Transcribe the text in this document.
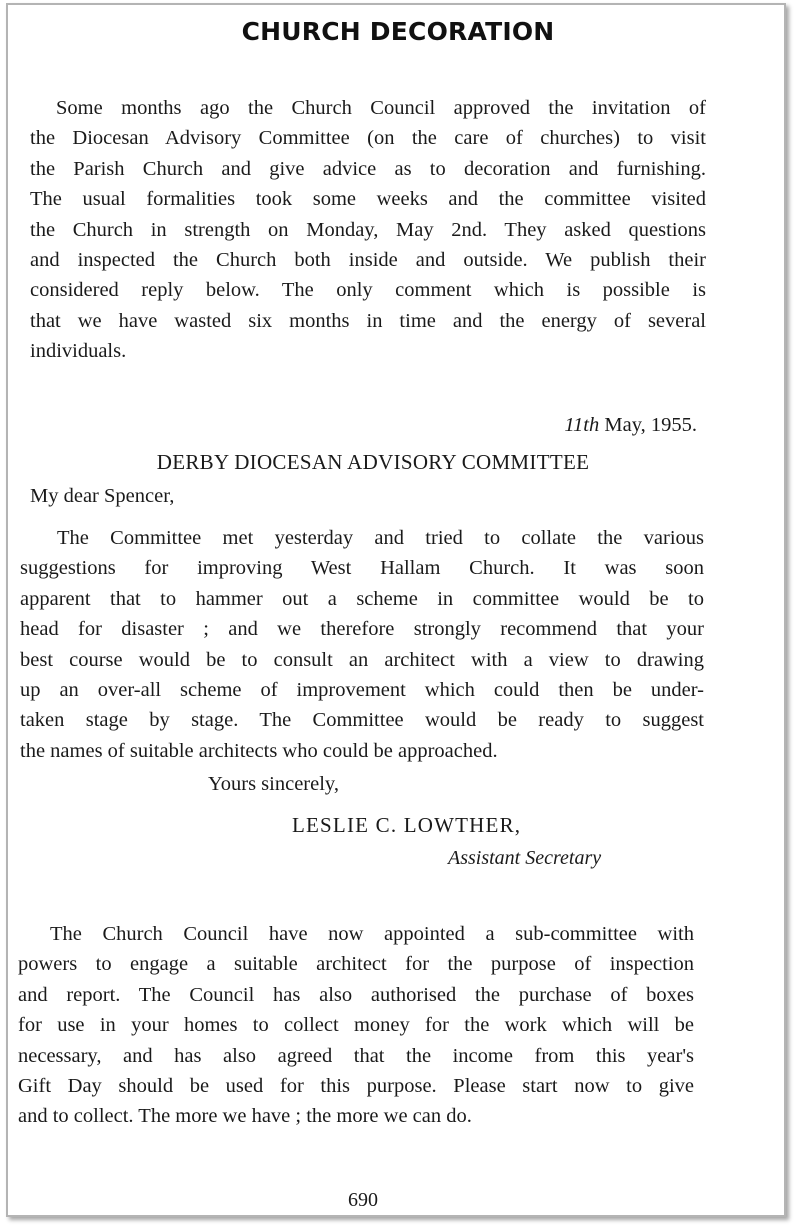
CHURCH DECORATION
Some months ago the Church Council approved the invitation of
the Diocesan Advisory Committee (on the care of churches) to visit
the Parish Church and give advice as to decoration and furnishing.
The usual formalities took some weeks and the committee visited
the Church in strength on Monday, May 2nd. They asked questions
and inspected the Church both inside and outside. We publish their
considered reply below. The only comment which is possible is
that we have wasted six months in time and the energy of several
individuals.
11th May, 1955.
DERBY DIOCESAN ADVISORY COMMITTEE
My dear Spencer,
The Committee met yesterday and tried to collate the various
suggestions for improving West Hallam Church. It was soon
apparent that to hammer out a scheme in committee would be to
head for disaster ; and we therefore strongly recommend that your
best course would be to consult an architect with a view to drawing
up an over-all scheme of improvement which could then be under-
taken stage by stage. The Committee would be ready to suggest
the names of suitable architects who could be approached.
Yours sincerely,
LESLIE C. LOWTHER,
Assistant Secretary
The Church Council have now appointed a sub-committee with
powers to engage a suitable architect for the purpose of inspection
and report. The Council has also authorised the purchase of boxes
for use in your homes to collect money for the work which will be
necessary, and has also agreed that the income from this year's
Gift Day should be used for this purpose. Please start now to give
and to collect. The more we have ; the more we can do.
690
